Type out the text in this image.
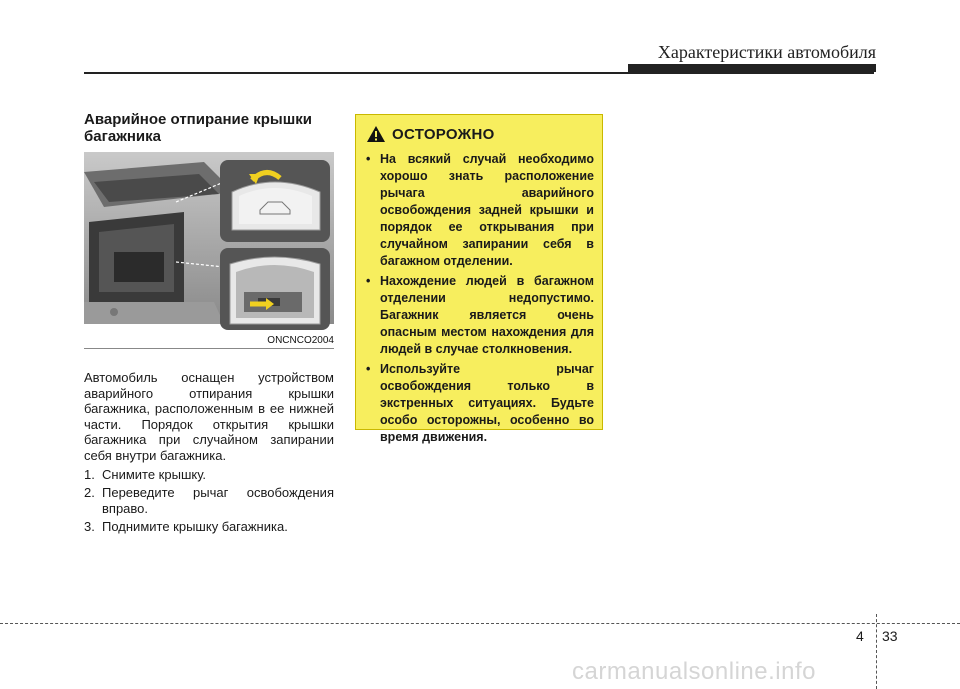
Характеристики автомобиля
Аварийное отпирание крышки багажника
ONCNCO2004

Автомобиль оснащен устройством аварийного отпирания крышки багажника, расположенным в ее нижней части. Порядок открытия крышки багажника при случайном запирании себя внутри багажника.

1. Снимите крышку.
2. Переведите рычаг освобождения вправо.
3. Поднимите крышку багажника.
ОСТОРОЖНО
• На всякий случай необходимо хорошо знать расположение рычага аварийного освобождения задней крышки и порядок ее открывания при случайном запирании себя в багажном отделении.
• Нахождение людей в багажном отделении недопустимо. Багажник является очень опасным местом нахождения для людей в случае столкновения.
• Используйте рычаг освобождения только в экстренных ситуациях. Будьте особо осторожны, особенно во время движения.
4 33
carmanualsonline.info
